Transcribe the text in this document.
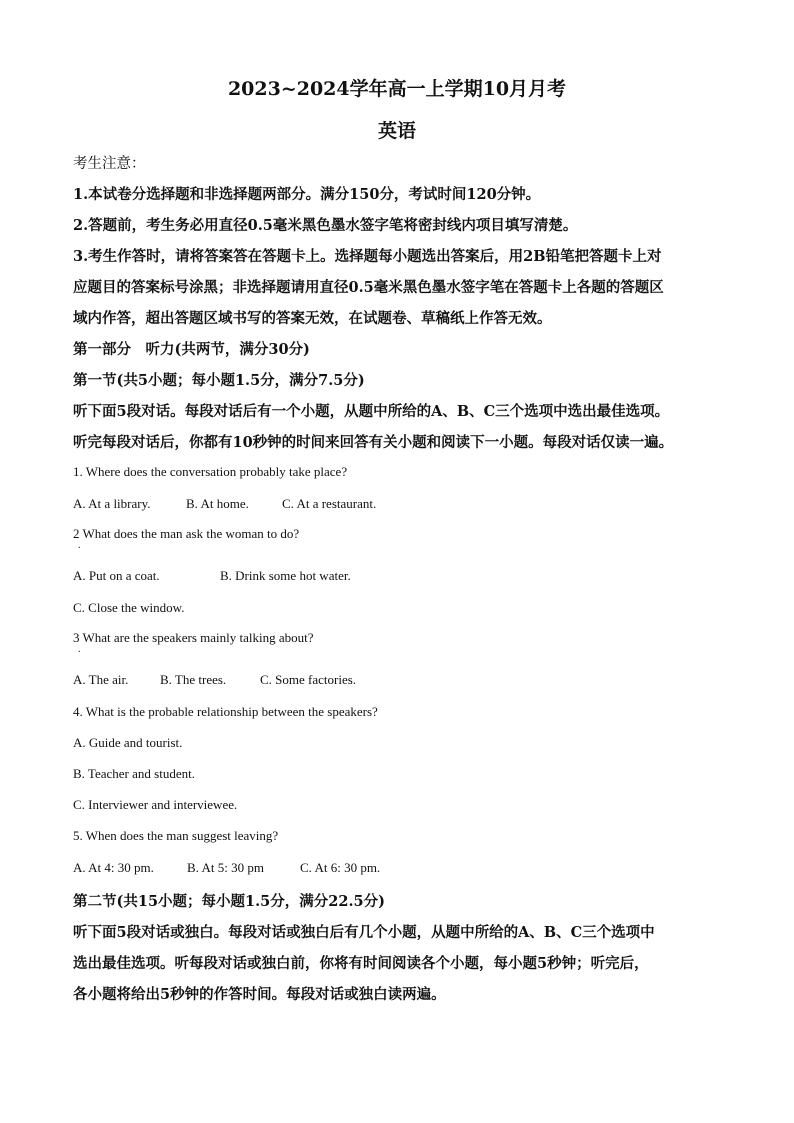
2023~2024学年高一上学期10月月考
英语
考生注意：
1.本试卷分选择题和非选择题两部分。满分150分，考试时间120分钟。
2.答题前，考生务必用直径0.5毫米黑色墨水签字笔将密封线内项目填写清楚。
3.考生作答时，请将答案答在答题卡上。选择题每小题选出答案后，用2B铅笔把答题卡上对
应题目的答案标号涂黑；非选择题请用直径0.5毫米黑色墨水签字笔在答题卡上各题的答题区
域内作答，超出答题区域书写的答案无效，在试题卷、草稿纸上作答无效。
第一部分　听力(共两节，满分30分)
第一节(共5小题；每小题1.5分，满分7.5分)
听下面5段对话。每段对话后有一个小题，从题中所给的A、B、C三个选项中选出最佳选项。
听完每段对话后，你都有10秒钟的时间来回答有关小题和阅读下一小题。每段对话仅读一遍。
1. Where does the conversation probably take place?
A. At a library.	B. At home.	C. At a restaurant.
2 What does the man ask the woman to do?
.
A. Put on a coat.	B. Drink some hot water.
C. Close the window.
3 What are the speakers mainly talking about?
.
A. The air. B. The trees.	C. Some factories.
4. What is the probable relationship between the speakers?
A. Guide and tourist.
B. Teacher and student.
C. Interviewer and interviewee.
5. When does the man suggest leaving?
A. At 4: 30 pm.	B. At 5: 30 pm	C. At 6: 30 pm.
第二节(共15小题；每小题1.5分，满分22.5分)
听下面5段对话或独白。每段对话或独白后有几个小题，从题中所给的A、B、C三个选项中
选出最佳选项。听每段对话或独白前，你将有时间阅读各个小题，每小题5秒钟；听完后，
各小题将给出5秒钟的作答时间。每段对话或独白读两遍。
